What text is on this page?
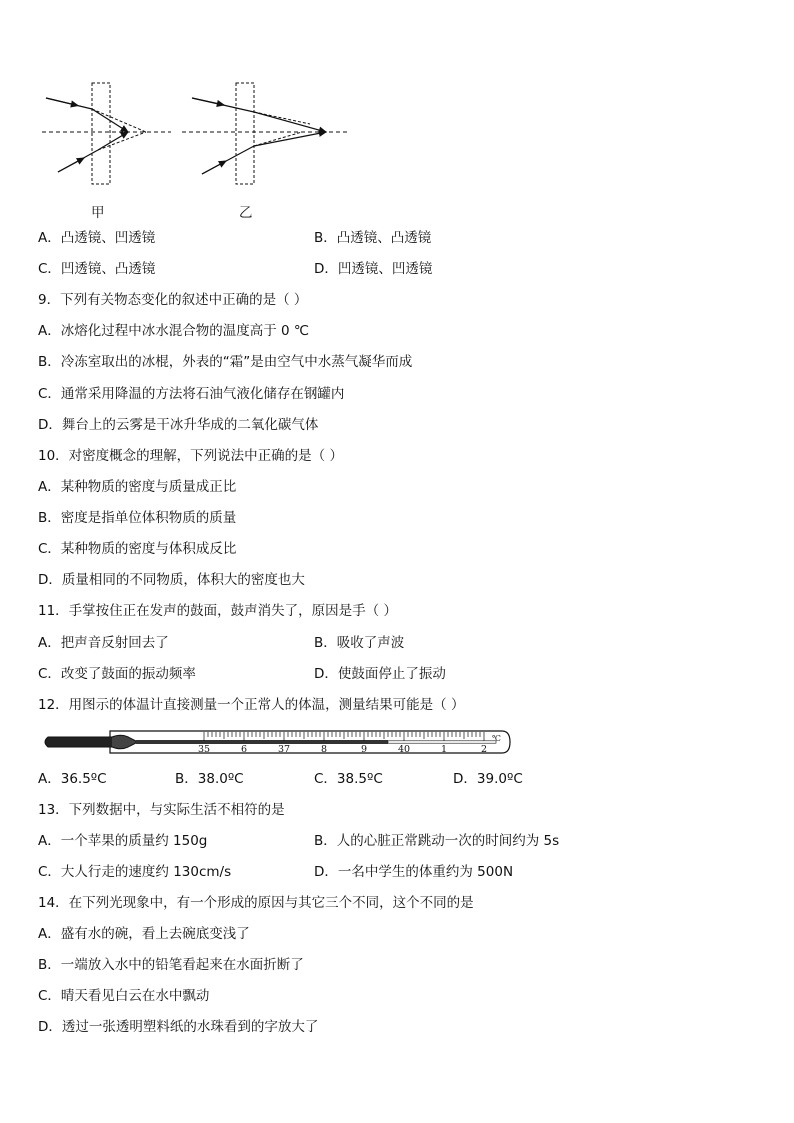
甲	乙
A．凸透镜、凹透镜	B．凸透镜、凸透镜
C．凹透镜、凸透镜	D．凹透镜、凹透镜
9．下列有关物态变化的叙述中正确的是（ ）
A．冰熔化过程中冰水混合物的温度高于 0 ℃
B．冷冻室取出的冰棍，外表的“霜”是由空气中水蒸气凝华而成
C．通常采用降温的方法将石油气液化储存在钢罐内
D．舞台上的云雾是干冰升华成的二氧化碳气体
10．对密度概念的理解，下列说法中正确的是（ ）
A．某种物质的密度与质量成正比
B．密度是指单位体积物质的质量
C．某种物质的密度与体积成反比
D．质量相同的不同物质，体积大的密度也大
11．手掌按住正在发声的鼓面，鼓声消失了，原因是手（ ）
A．把声音反射回去了	B．吸收了声波
C．改变了鼓面的振动频率	D．使鼓面停止了振动
12．用图示的体温计直接测量一个正常人的体温，测量结果可能是（ ）
35	6	37	8	9	40	1	2
℃
A．36.5ºC	B．38.0ºC	C．38.5ºC	D．39.0ºC
13．下列数据中，与实际生活不相符的是
A．一个苹果的质量约 150g	B．人的心脏正常跳动一次的时间约为 5s
C．大人行走的速度约 130cm/s	D．一名中学生的体重约为 500N
14．在下列光现象中，有一个形成的原因与其它三个不同，这个不同的是
A．盛有水的碗，看上去碗底变浅了
B．一端放入水中的铅笔看起来在水面折断了
C．晴天看见白云在水中飘动
D．透过一张透明塑料纸的水珠看到的字放大了
